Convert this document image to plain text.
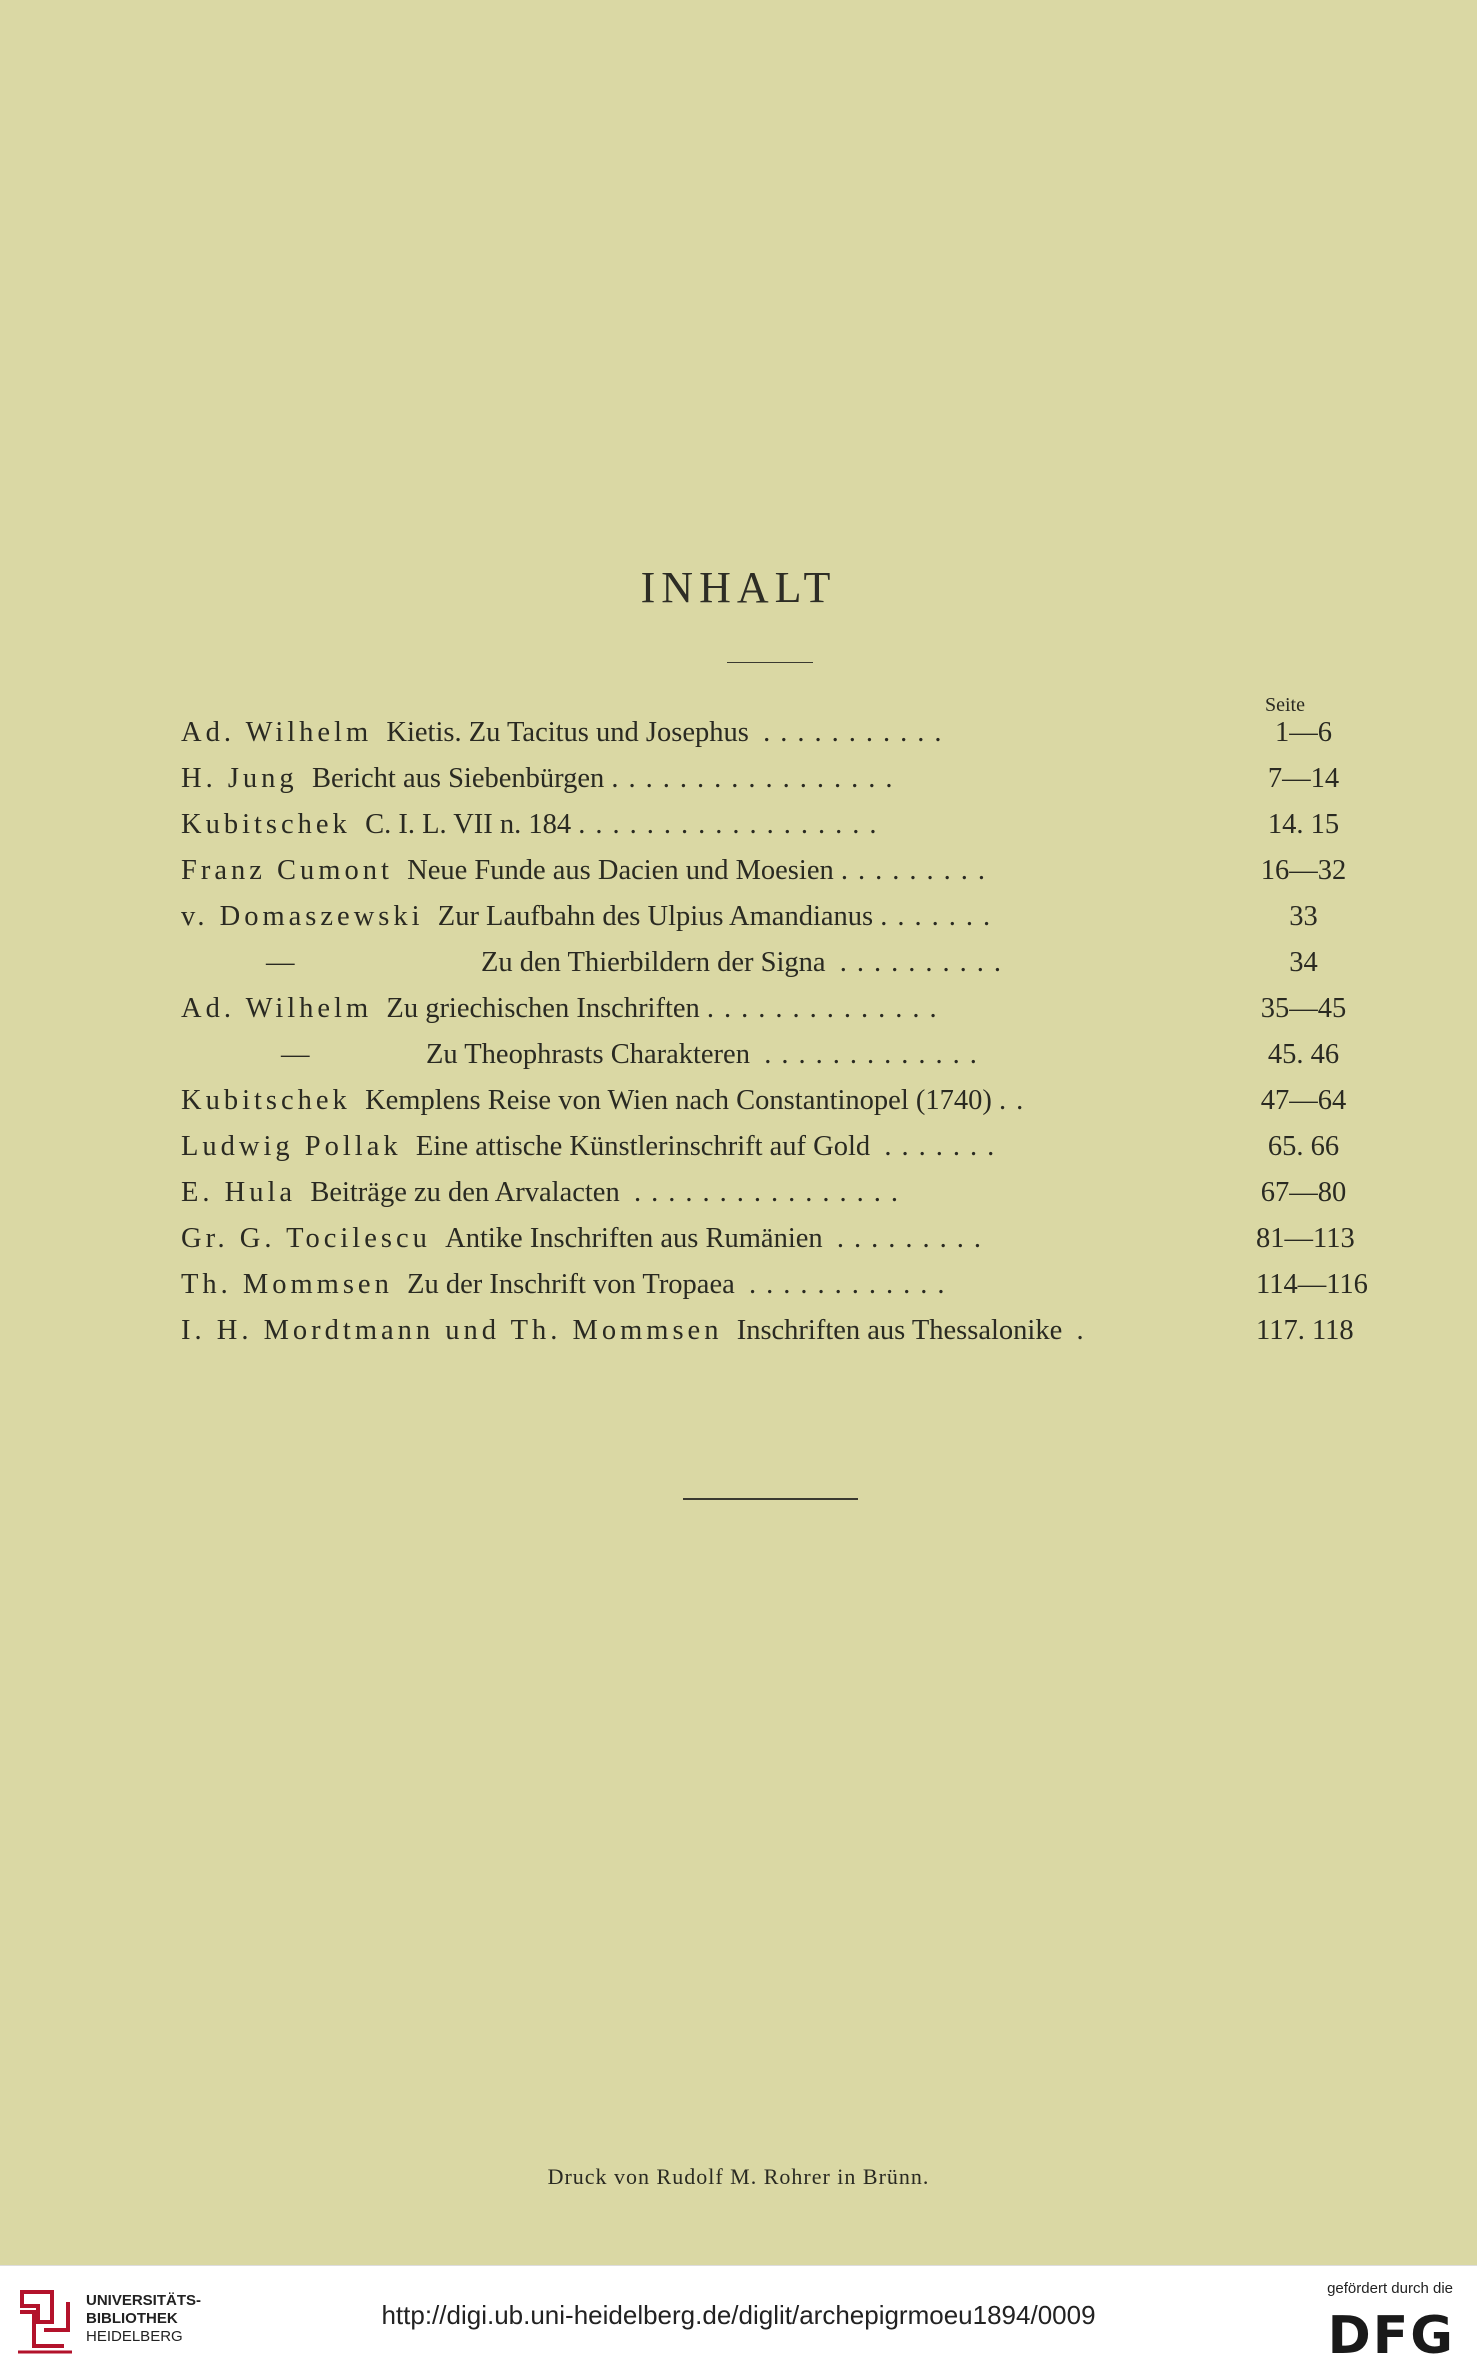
INHALT
Seite
Ad. Wilhelm Kietis. Zu Tacitus und Josephus ...........	1—6
H. Jung Bericht aus Siebenbürgen .................	7—14
Kubitschek C. I. L. VII n. 184 ..................	14. 15
Franz Cumont Neue Funde aus Dacien und Moesien .........	16—32
v. Domaszewski Zur Laufbahn des Ulpius Amandianus .......	33
—	Zu den Thierbildern der Signa ..........	34
Ad. Wilhelm Zu griechischen Inschriften ..............	35—45
—	Zu Theophrasts Charakteren .............	45. 46
Kubitschek Kemplens Reise von Wien nach Constantinopel (1740) ..	47—64
Ludwig Pollak Eine attische Künstlerinschrift auf Gold .......	65. 66
E. Hula Beiträge zu den Arvalacten ................	67—80
Gr. G. Tocilescu Antike Inschriften aus Rumänien .........	81—113
Th. Mommsen Zu der Inschrift von Tropaea ............	114—116
I. H. Mordtmann und Th. Mommsen Inschriften aus Thessalonike .	117. 118
Druck von Rudolf M. Rohrer in Brünn.
UNIVERSITÄTS-
BIBLIOTHEK
HEIDELBERG
http://digi.ub.uni-heidelberg.de/diglit/archepigrmoeu1894/0009
gefördert durch die
DFG
